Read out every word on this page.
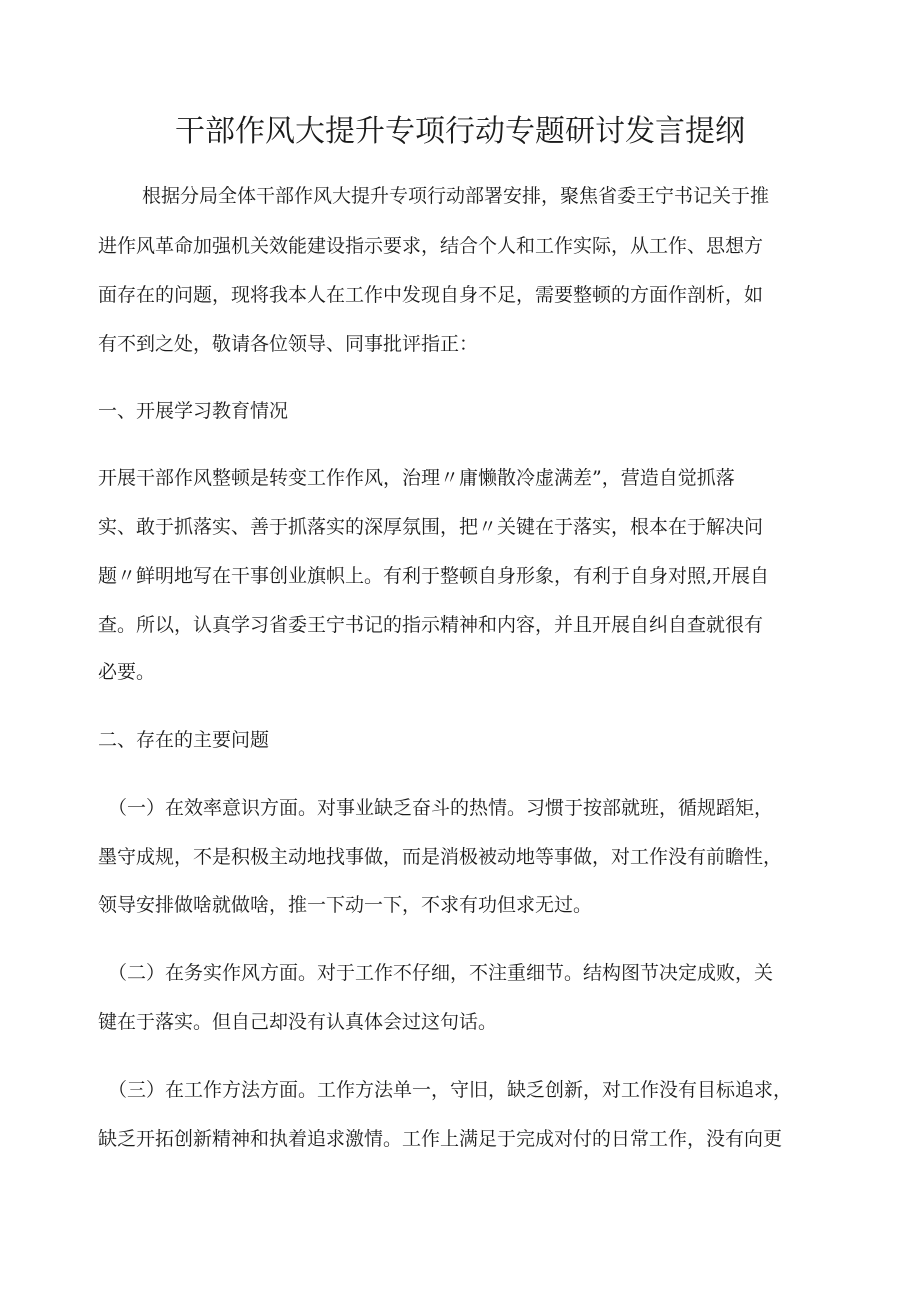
干部作风大提升专项行动专题研讨发言提纲
根据分局全体干部作风大提升专项行动部署安排，聚焦省委王宁书记关于推
进作风革命加强机关效能建设指示要求，结合个人和工作实际，从工作、思想方
面存在的问题，现将我本人在工作中发现自身不足，需要整顿的方面作剖析，如
有不到之处，敬请各位领导、同事批评指正：
一、开展学习教育情况
开展干部作风整顿是转变工作作风，治理〃庸懒散冷虚满差”，营造自觉抓落
实、敢于抓落实、善于抓落实的深厚氛围，把〃关键在于落实，根本在于解决问
题〃鲜明地写在干事创业旗帜上。有利于整顿自身形象，有利于自身对照,开展自
查。所以，认真学习省委王宁书记的指示精神和内容，并且开展自纠自查就很有
必要。
二、存在的主要问题
（一）在效率意识方面。对事业缺乏奋斗的热情。习惯于按部就班，循规蹈矩，
墨守成规，不是积极主动地找事做，而是消极被动地等事做，对工作没有前瞻性，
领导安排做啥就做啥，推一下动一下，不求有功但求无过。
（二）在务实作风方面。对于工作不仔细，不注重细节。结构图节决定成败，关
键在于落实。但自己却没有认真体会过这句话。
（三）在工作方法方面。工作方法单一，守旧，缺乏创新，对工作没有目标追求，
缺乏开拓创新精神和执着追求激情。工作上满足于完成对付的日常工作，没有向更
